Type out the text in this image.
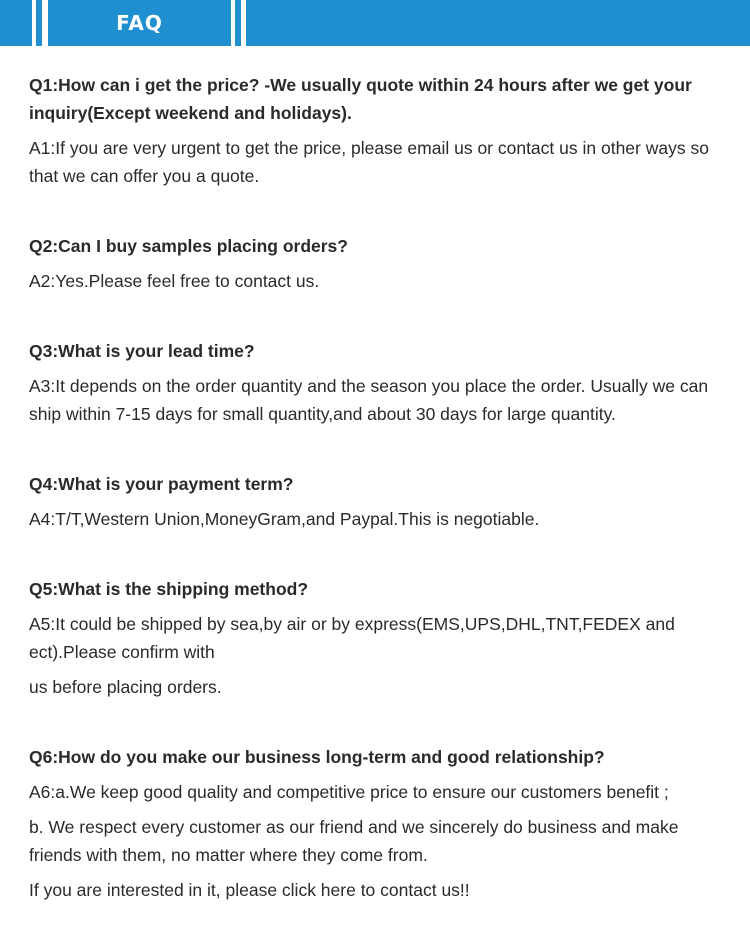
FAQ

Q1:How can i get the price? -We usually quote within 24 hours after we get your inquiry(Except weekend and holidays).

A1:If you are very urgent to get the price, please email us or contact us in other ways so that we can offer you a quote.

Q2:Can I buy samples placing orders?

A2:Yes.Please feel free to contact us.

Q3:What is your lead time?

A3:It depends on the order quantity and the season you place the order. Usually we can ship within 7-15 days for small quantity,and about 30 days for large quantity.

Q4:What is your payment term?

A4:T/T,Western Union,MoneyGram,and Paypal.This is negotiable.

Q5:What is the shipping method?

A5:It could be shipped by sea,by air or by express(EMS,UPS,DHL,TNT,FEDEX and ect).Please confirm with

us before placing orders.

Q6:How do you make our business long-term and good relationship?

A6:a.We keep good quality and competitive price to ensure our customers benefit ;

b. We respect every customer as our friend and we sincerely do business and make friends with them, no matter where they come from.

If you are interested in it, please click here to contact us!!
